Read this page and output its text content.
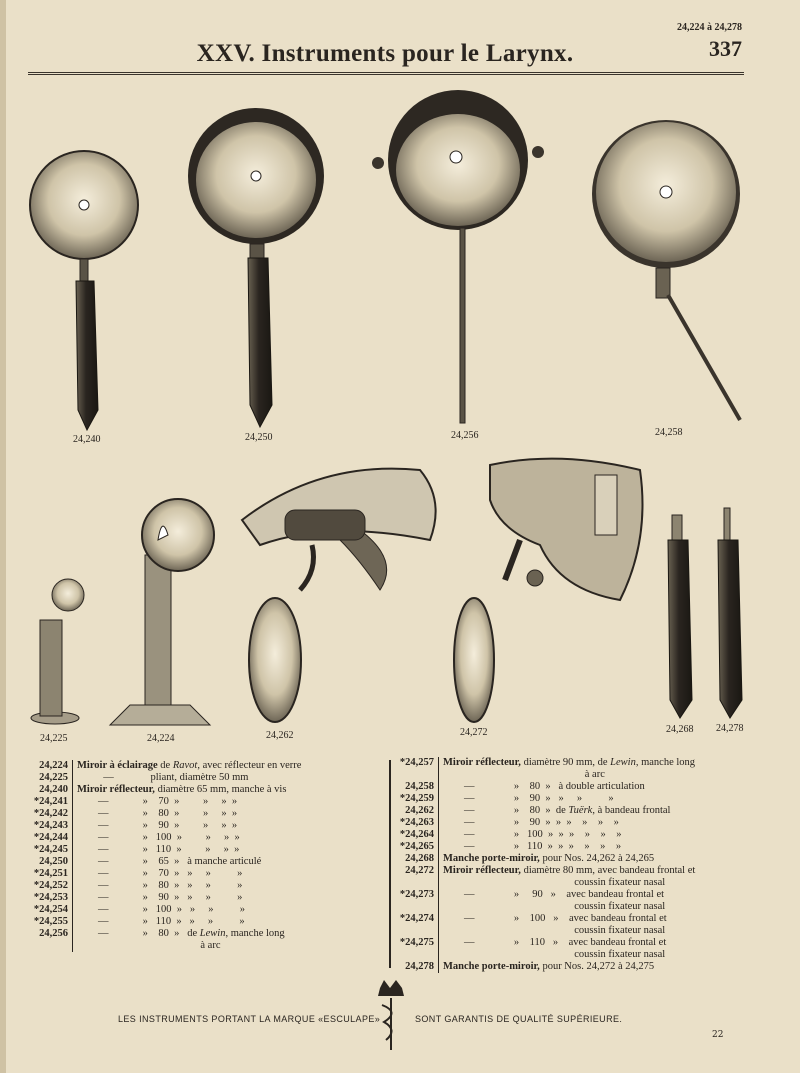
24,224 à 24,278
337
XXV. Instruments pour le Larynx.
24,240	24,250	24,256	24,258
24,225	24,224	24,262	24,272	24,268 24,278
24,224 Miroir à éclairage de Ravot, avec réflecteur en verre
24,225 —              pliant, diamètre 50 mm
24,240 Miroir réflecteur, diamètre 65 mm, manche à vis
*24,241 —             »    70  »         »     »  »
*24,242 —             »    80  »         »     »  »
*24,243 —             »    90  »         »     »  »
*24,244 —             »   100  »         »     »  »
*24,245 —             »   110  »         »     »  »
24,250 —             »    65  »   à manche articulé
*24,251 —             »    70  »   »     »          »
*24,252 —             »    80  »   »     »          »
*24,253 —             »    90  »   »     »          »
*24,254 —             »   100  »   »     »          »
*24,255 —             »   110  »   »     »          »
24,256 —             »    80  »   de Lewin, manche long
à arc
*24,257 Miroir réflecteur, diamètre 90 mm, de Lewin, manche long
à arc
24,258 —               »    80  »   à double articulation
*24,259 —               »    90  »   »     »          »
24,262 —               »    80  »  de Tuërk, à bandeau frontal
*24,263 —               »    90  »  »  »    »    »    »
*24,264 —               »   100  »  »  »    »    »    »
*24,265 —               »   110  »  »  »    »    »    »
24,268 Manche porte-miroir, pour Nos. 24,262 à 24,265
24,272 Miroir réflecteur, diamètre 80 mm, avec bandeau frontal et
coussin fixateur nasal
*24,273 —               »     90   »    avec bandeau frontal et
coussin fixateur nasal
*24,274 —               »    100   »    avec bandeau frontal et
coussin fixateur nasal
*24,275 —               »    110   »    avec bandeau frontal et
coussin fixateur nasal
24,278 Manche porte-miroir, pour Nos. 24,272 à 24,275
LES INSTRUMENTS PORTANT LA MARQUE «ESCULAPE»	SONT GARANTIS DE QUALITÉ SUPÉRIEURE.
22
